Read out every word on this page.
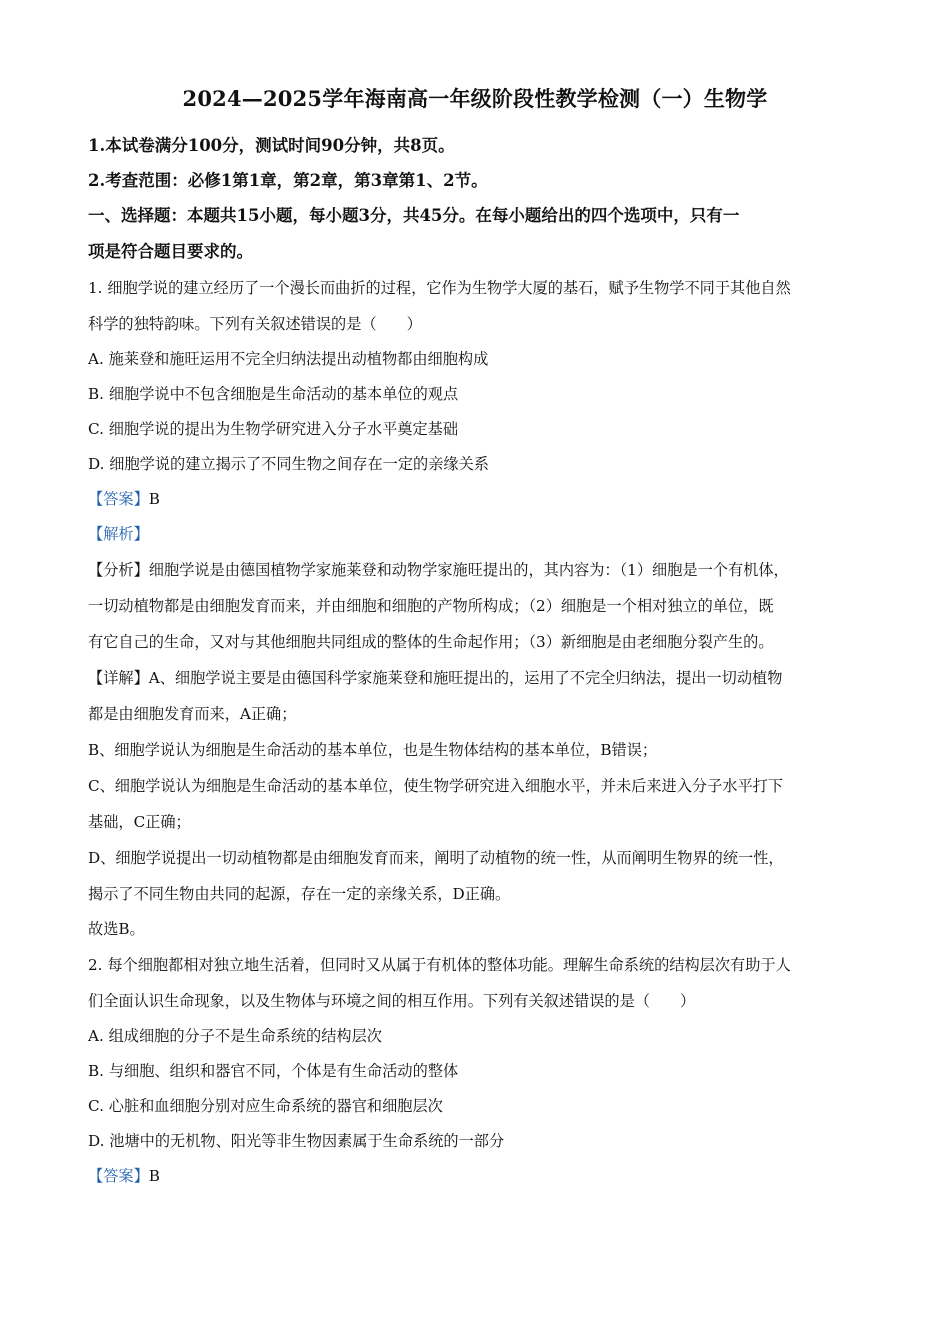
2024—2025学年海南高一年级阶段性教学检测（一）生物学

1.本试卷满分100分，测试时间90分钟，共8页。

2.考查范围：必修1第1章，第2章，第3章第1、2节。

一、选择题：本题共15小题，每小题3分，共45分。在每小题给出的四个选项中，只有一

项是符合题目要求的。

1. 细胞学说的建立经历了一个漫长而曲折的过程，它作为生物学大厦的基石，赋予生物学不同于其他自然

科学的独特韵味。下列有关叙述错误的是（ ）

A. 施莱登和施旺运用不完全归纳法提出动植物都由细胞构成

B. 细胞学说中不包含细胞是生命活动的基本单位的观点

C. 细胞学说的提出为生物学研究进入分子水平奠定基础

D. 细胞学说的建立揭示了不同生物之间存在一定的亲缘关系

【答案】B

【解析】

【分析】细胞学说是由德国植物学家施莱登和动物学家施旺提出的，其内容为：（1）细胞是一个有机体，

一切动植物都是由细胞发育而来，并由细胞和细胞的产物所构成；（2）细胞是一个相对独立的单位，既

有它自己的生命，又对与其他细胞共同组成的整体的生命起作用；（3）新细胞是由老细胞分裂产生的。

【详解】A、细胞学说主要是由德国科学家施莱登和施旺提出的，运用了不完全归纳法，提出一切动植物

都是由细胞发育而来，A正确；

B、细胞学说认为细胞是生命活动的基本单位，也是生物体结构的基本单位，B错误；

C、细胞学说认为细胞是生命活动的基本单位，使生物学研究进入细胞水平，并未后来进入分子水平打下

基础，C正确；

D、细胞学说提出一切动植物都是由细胞发育而来，阐明了动植物的统一性，从而阐明生物界的统一性，

揭示了不同生物由共同的起源，存在一定的亲缘关系，D正确。

故选B。

2. 每个细胞都相对独立地生活着，但同时又从属于有机体的整体功能。理解生命系统的结构层次有助于人

们全面认识生命现象，以及生物体与环境之间的相互作用。下列有关叙述错误的是（ ）

A. 组成细胞的分子不是生命系统的结构层次

B. 与细胞、组织和器官不同，个体是有生命活动的整体

C. 心脏和血细胞分别对应生命系统的器官和细胞层次

D. 池塘中的无机物、阳光等非生物因素属于生命系统的一部分

【答案】B
